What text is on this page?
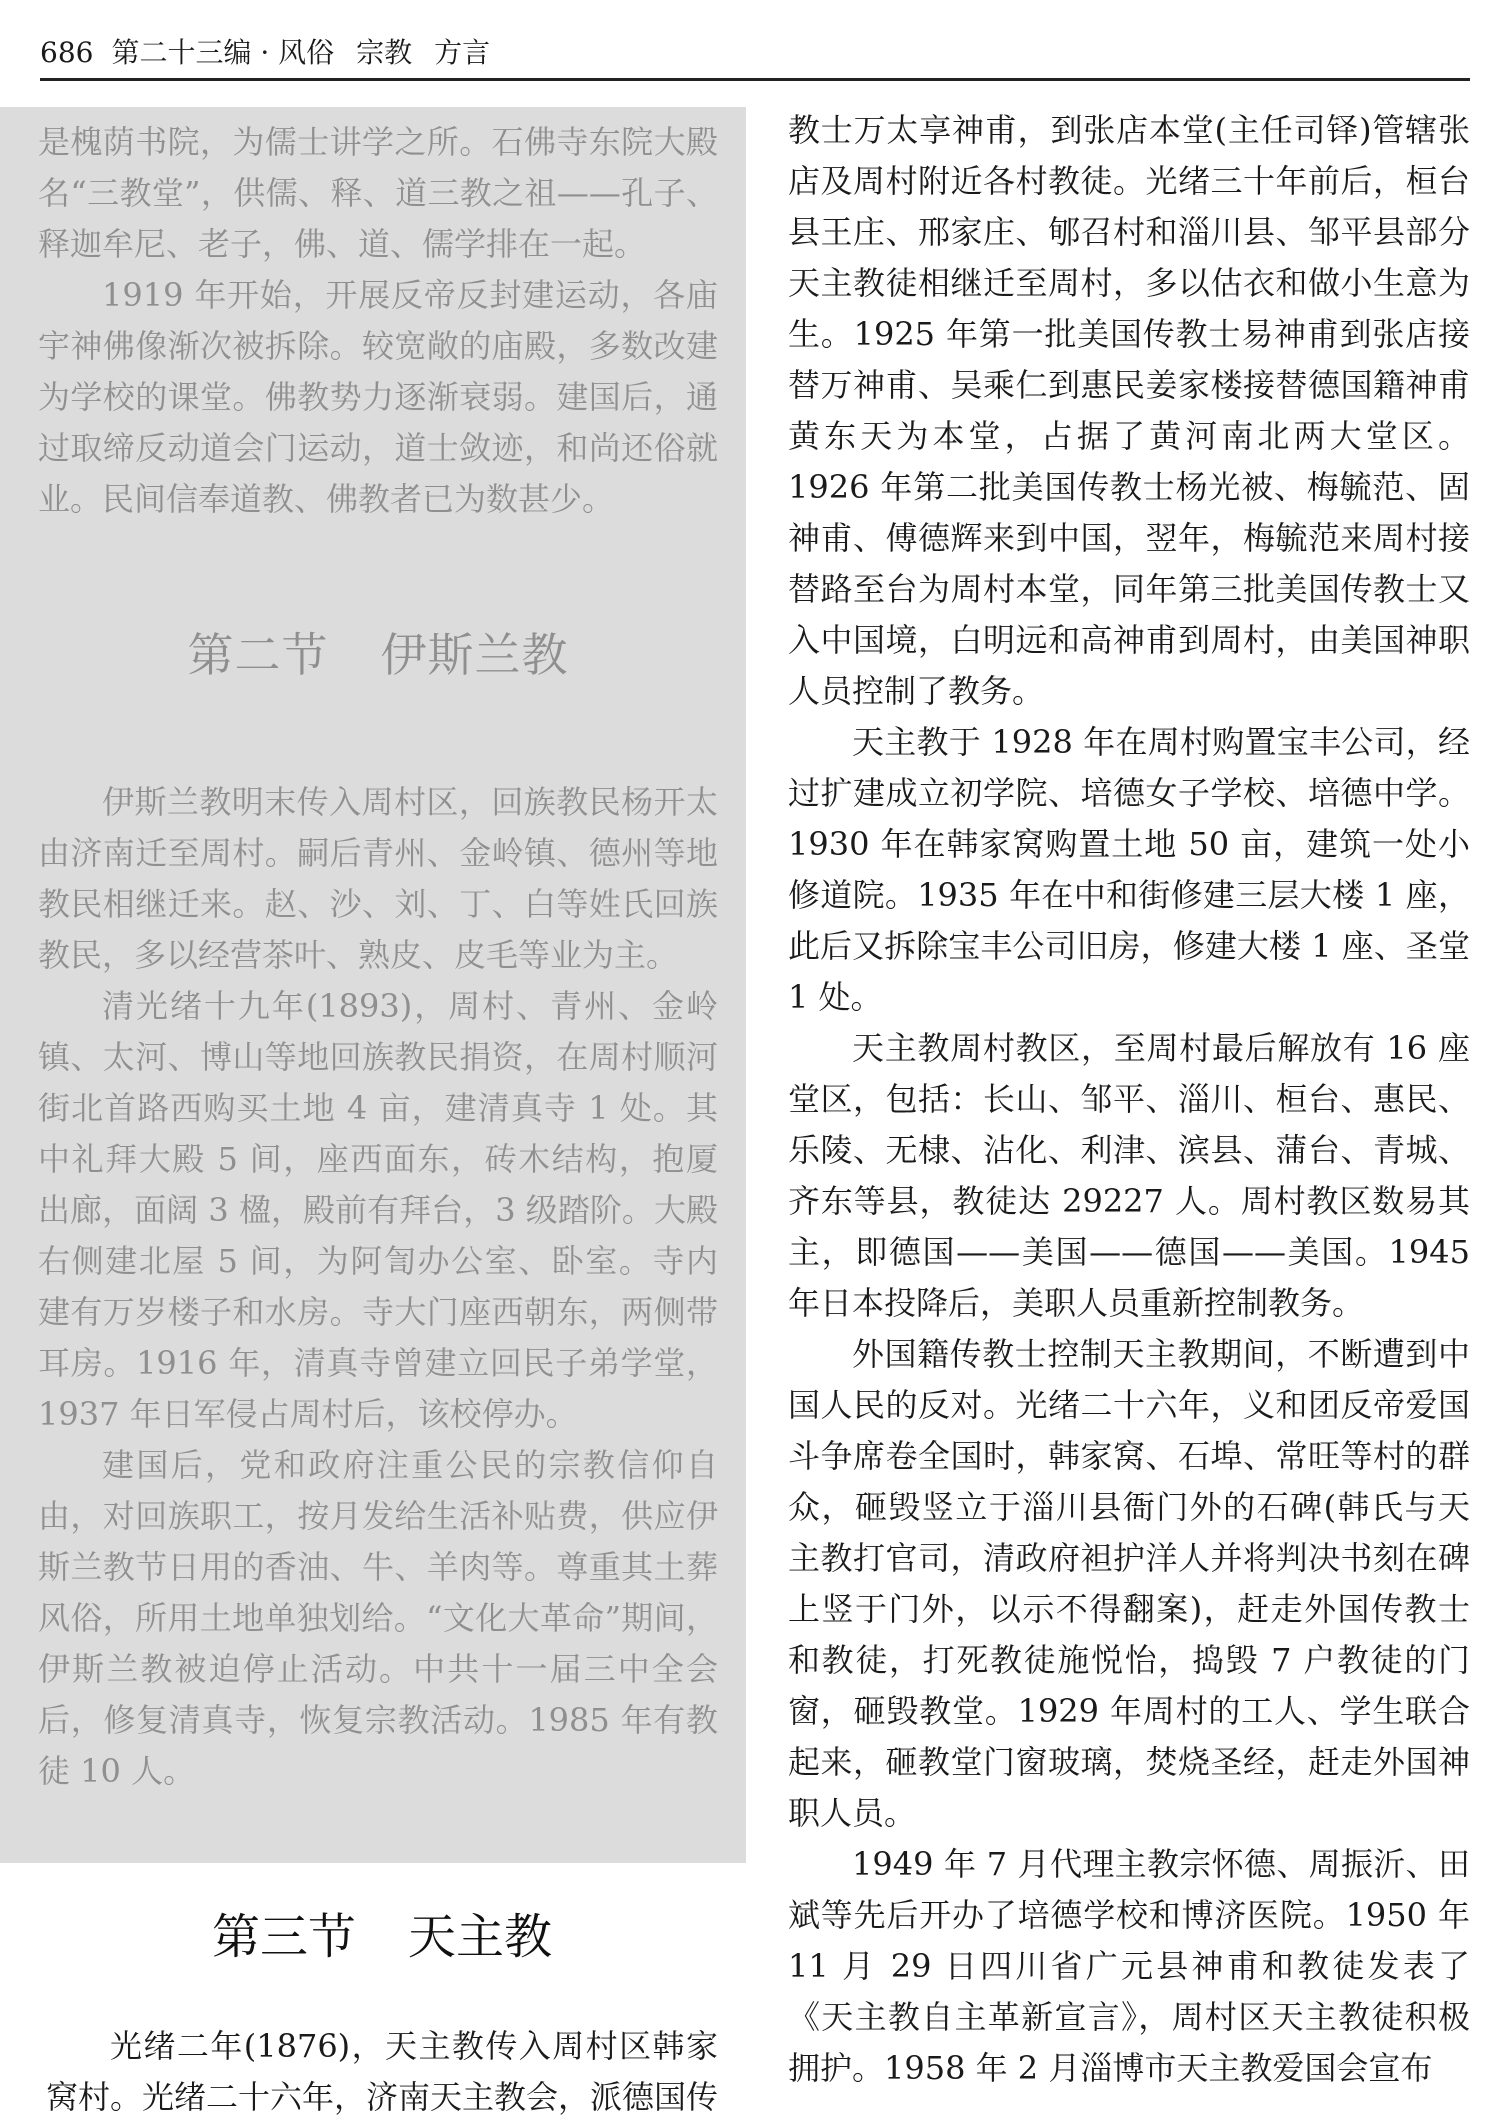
686 第二十三编 · 风俗 宗教 方言

是槐荫书院，为儒士讲学之所。石佛寺东院大殿名“三教堂”，供儒、释、道三教之祖——孔子、释迦牟尼、老子，佛、道、儒学排在一起。

1919 年开始，开展反帝反封建运动，各庙宇神佛像渐次被拆除。较宽敞的庙殿，多数改建为学校的课堂。佛教势力逐渐衰弱。建国后，通过取缔反动道会门运动，道士敛迹，和尚还俗就业。民间信奉道教、佛教者已为数甚少。

第二节 伊斯兰教

伊斯兰教明末传入周村区，回族教民杨开太由济南迁至周村。嗣后青州、金岭镇、德州等地教民相继迁来。赵、沙、刘、丁、白等姓氏回族教民，多以经营茶叶、熟皮、皮毛等业为主。

清光绪十九年(1893)，周村、青州、金岭镇、太河、博山等地回族教民捐资，在周村顺河街北首路西购买土地 4 亩，建清真寺 1 处。其中礼拜大殿 5 间，座西面东，砖木结构，抱厦出廊，面阔 3 楹，殿前有拜台，3 级踏阶。大殿右侧建北屋 5 间，为阿訇办公室、卧室。寺内建有万岁楼子和水房。寺大门座西朝东，两侧带耳房。1916 年，清真寺曾建立回民子弟学堂，1937 年日军侵占周村后，该校停办。

建国后，党和政府注重公民的宗教信仰自由，对回族职工，按月发给生活补贴费，供应伊斯兰教节日用的香油、牛、羊肉等。尊重其土葬风俗，所用土地单独划给。“文化大革命”期间，伊斯兰教被迫停止活动。中共十一届三中全会后，修复清真寺，恢复宗教活动。1985 年有教徒 10 人。

第三节 天主教

光绪二年(1876)，天主教传入周村区韩家窝村。光绪二十六年，济南天主教会，派德国传

教士万太享神甫，到张店本堂(主任司铎)管辖张店及周村附近各村教徒。光绪三十年前后，桓台县王庄、邢家庄、郇召村和淄川县、邹平县部分天主教徒相继迁至周村，多以估衣和做小生意为生。1925 年第一批美国传教士易神甫到张店接替万神甫、吴乘仁到惠民姜家楼接替德国籍神甫黄东天为本堂，占据了黄河南北两大堂区。1926 年第二批美国传教士杨光被、梅毓范、固神甫、傅德辉来到中国，翌年，梅毓范来周村接替路至台为周村本堂，同年第三批美国传教士又入中国境，白明远和高神甫到周村，由美国神职人员控制了教务。

天主教于 1928 年在周村购置宝丰公司，经过扩建成立初学院、培德女子学校、培德中学。1930 年在韩家窝购置土地 50 亩，建筑一处小修道院。1935 年在中和街修建三层大楼 1 座，此后又拆除宝丰公司旧房，修建大楼 1 座、圣堂 1 处。

天主教周村教区，至周村最后解放有 16 座堂区，包括：长山、邹平、淄川、桓台、惠民、乐陵、无棣、沾化、利津、滨县、蒲台、青城、齐东等县，教徒达 29227 人。周村教区数易其主，即德国——美国——德国——美国。1945 年日本投降后，美职人员重新控制教务。

外国籍传教士控制天主教期间，不断遭到中国人民的反对。光绪二十六年，义和团反帝爱国斗争席卷全国时，韩家窝、石埠、常旺等村的群众，砸毁竖立于淄川县衙门外的石碑(韩氏与天主教打官司，清政府袒护洋人并将判决书刻在碑上竖于门外，以示不得翻案)，赶走外国传教士和教徒，打死教徒施悦怡，捣毁 7 户教徒的门窗，砸毁教堂。1929 年周村的工人、学生联合起来，砸教堂门窗玻璃，焚烧圣经，赶走外国神职人员。

1949 年 7 月代理主教宗怀德、周振沂、田斌等先后开办了培德学校和博济医院。1950 年 11 月 29 日四川省广元县神甫和教徒发表了《天主教自主革新宣言》，周村区天主教徒积极拥护。1958 年 2 月淄博市天主教爱国会宣布
